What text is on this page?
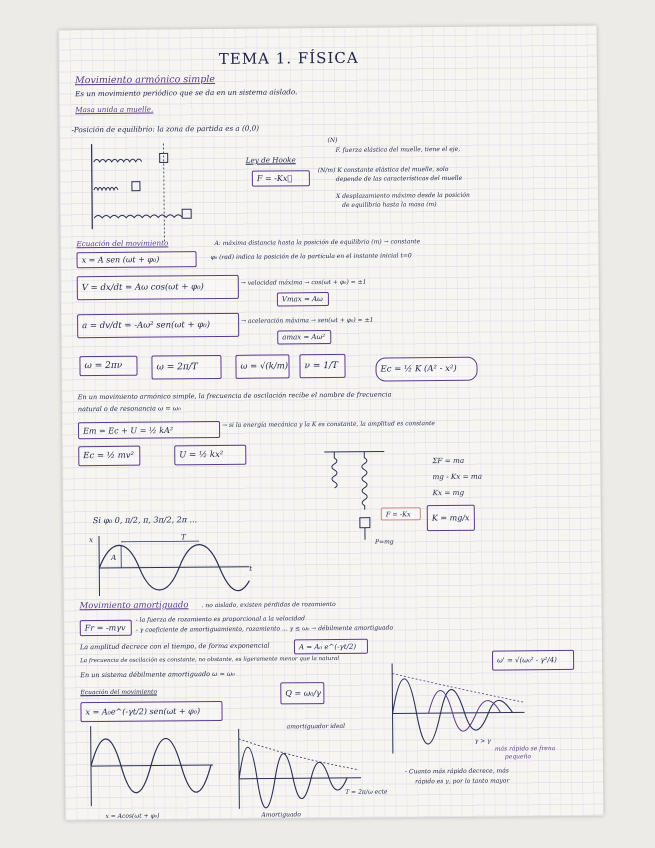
TEMA 1. FÍSICA
Movimiento armónico simple
Es un movimiento periódico que se da en un sistema aislado.
Masa unida a muelle.
-Posición de equilibrio: la zona de partida es a (0,0)
Ley de Hooke
F = -Kx⃗
(N)
F. fuerza elástica del muelle, tiene el eje,
(N/m) K constante elástica del muelle, solo
depende de las características del muelle
X desplazamiento máximo desde la posición
de equilibrio hasta la masa (m)
Ecuación del movimiento	A: máxima distancia hasta la posición de equilibrio (m) → constante
x = A sen (ωt + φ₀)	φ₀ (rad) indica la posición de la partícula en el instante inicial t=0
V = dx/dt = Aω cos(ωt + φ₀)	→ velocidad máxima → cos(ωt + φ₀) = ±1
Vmax = Aω
a = dv/dt = -Aω² sen(ωt + φ₀)	→ aceleración máxima → sen(ωt + φ₀) = ±1
amax = Aω²
ω = 2πν	ω = 2π/T	ω = √(k/m) ν = 1/T	Ec = ½ K (A² - x²)
En un movimiento armónico simple, la frecuencia de oscilación recibe el nombre de frecuencia
natural o de resonancia ω = ω₀
Em = Ec + U = ½ kA²
→ si la energía mecánica y la K es constante, la amplitud es constante
Ec = ½ mv²	U = ½ kx²
F = -Kx
P=mg
ΣF = ma
mg - Kx = ma
Kx = mg
K = mg/x
Si φ₀ 0, π/2, π, 3π/2, 2π ...
T
A
x
t
Movimiento amortiguado . no aislado, existen pérdidas de rozamiento
Fr = -mγv
- la fuerza de rozamiento es proporcional a la velocidad
- γ coeficiente de amortiguamiento, rozamiento ... γ ≤ ω₀ → débilmente amortiguado
La amplitud decrece con el tiempo, de forma exponencial	A = A₀ e^(-γt/2)
La frecuencia de oscilación es constante, no obstante, es ligeramente menor que la natural	ω' = √(ω₀² - γ²/4)
En un sistema débilmente amortiguado ω ≈ ω₀
Q = ω₀/γ
Ecuación del movimiento
x = A₀e^(-γt/2) sen(ωt + φ₀)
x = Acos(ωt + φ₀)
amortiguador ideal
Amortiguado
T = 2π/ω ecte
γ > γ
más rápido se frena
pequeño
- Cuanto más rápido decrece, más
rápido es γ, por lo tanto mayor
